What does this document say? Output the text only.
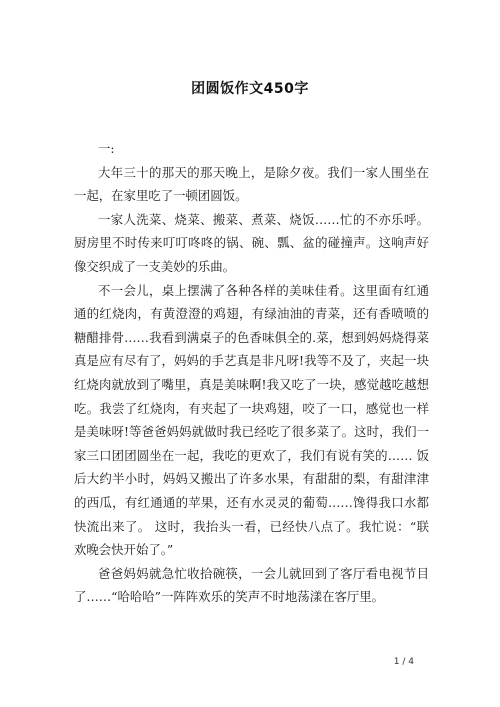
团圆饭作文450字

一:

大年三十的那天的那天晚上，是除夕夜。我们一家人围坐在一起，在家里吃了一顿团圆饭。

一家人洗菜、烧菜、搬菜、煮菜、烧饭……忙的不亦乐呼。厨房里不时传来叮叮咚咚的锅、碗、瓢、盆的碰撞声。这响声好像交织成了一支美妙的乐曲。

不一会儿，桌上摆满了各种各样的美味佳肴。这里面有红通通的红烧肉，有黄澄澄的鸡翅，有绿油油的青菜，还有香喷喷的糖醋排骨……我看到满桌子的色香味俱全的.菜，想到妈妈烧得菜真是应有尽有了，妈妈的手艺真是非凡呀!我等不及了，夹起一块红烧肉就放到了嘴里，真是美味啊!我又吃了一块，感觉越吃越想吃。我尝了红烧肉，有夹起了一块鸡翅，咬了一口，感觉也一样是美味呀!等爸爸妈妈就做时我已经吃了很多菜了。这时，我们一家三口团团圆坐在一起，我吃的更欢了，我们有说有笑的…… 饭后大约半小时，妈妈又搬出了许多水果，有甜甜的梨，有甜津津的西瓜，有红通通的苹果，还有水灵灵的葡萄……馋得我口水都快流出来了。 这时，我抬头一看，已经快八点了。我忙说：“联欢晚会快开始了。”

爸爸妈妈就急忙收拾碗筷，一会儿就回到了客厅看电视节目了……“哈哈哈”一阵阵欢乐的笑声不时地荡漾在客厅里。

1 / 4
